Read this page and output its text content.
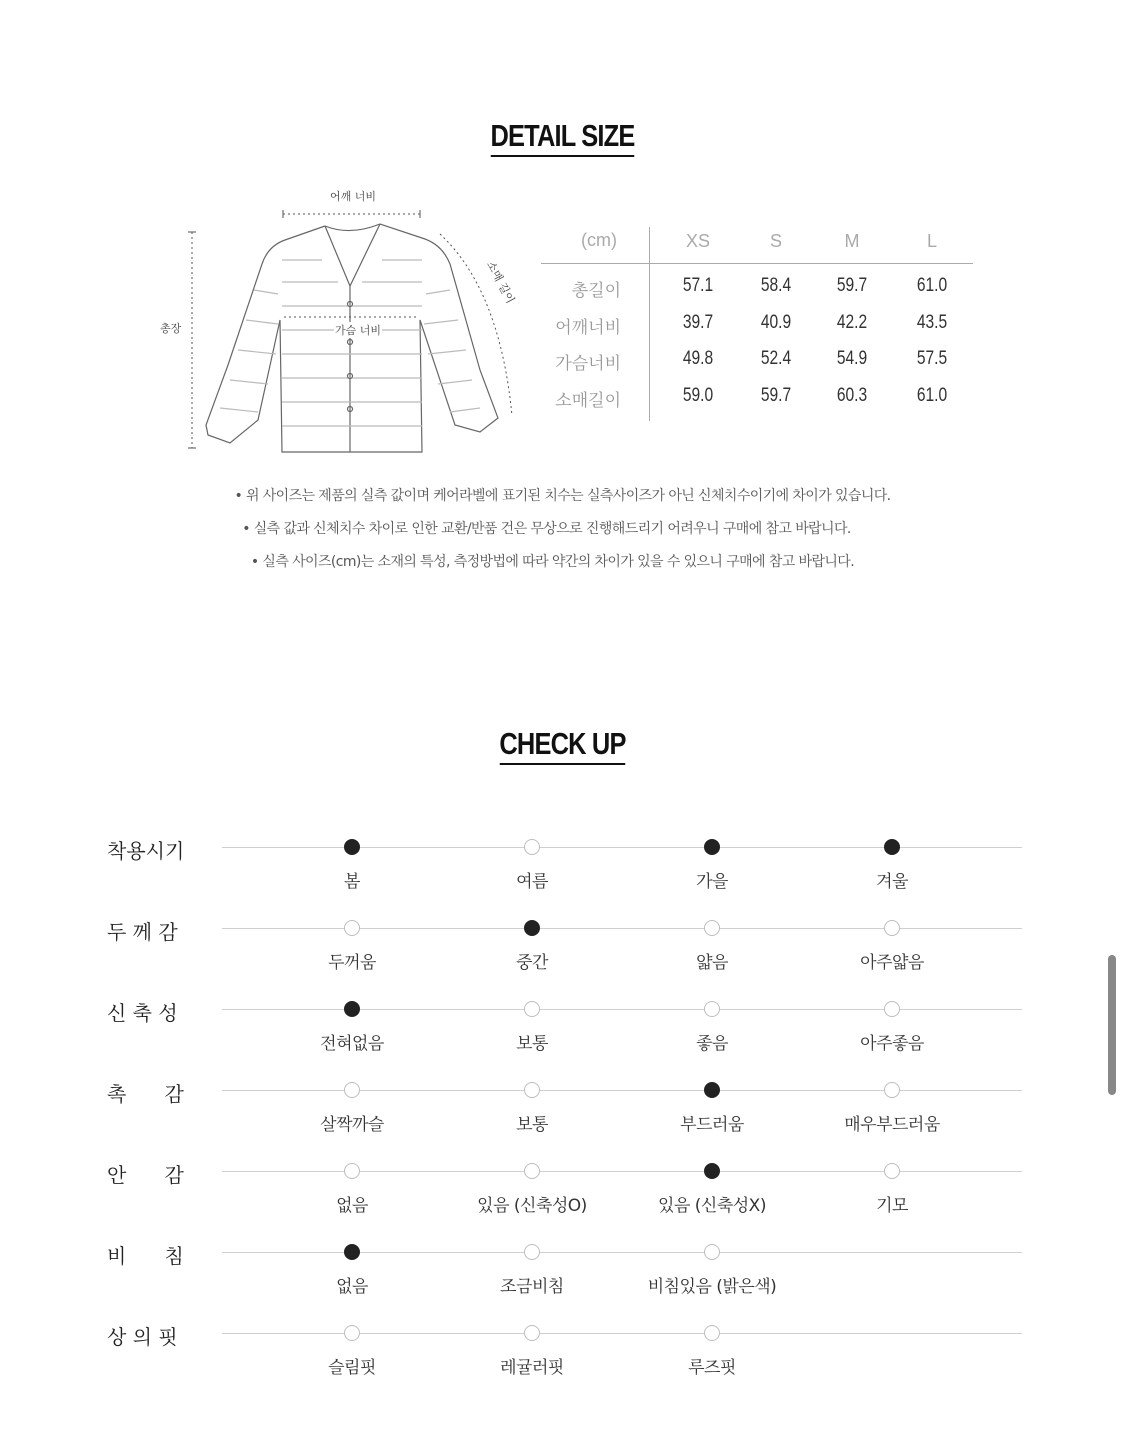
DETAIL SIZE
어깨 너비
총장	가슴 너비
소매 길이
(cm)	XS	S	M	L
총길이	57.1	58.4	59.7	61.0
어깨너비	39.7	40.9	42.2	43.5
가슴너비	49.8	52.4	54.9	57.5
소매길이	59.0	59.7	60.3	61.0
• 위 사이즈는 제품의 실측 값이며 케어라벨에 표기된 치수는 실측사이즈가 아닌 신체치수이기에 차이가 있습니다.
• 실측 값과 신체치수 차이로 인한 교환/반품 건은 무상으로 진행해드리기 어려우니 구매에 참고 바랍니다.
• 실측 사이즈(cm)는 소재의 특성, 측정방법에 따라 약간의 차이가 있을 수 있으니 구매에 참고 바랍니다.
CHECK UP
착용시기
봄	여름	가을	겨울
두 께 감
두꺼움	중간	얇음	아주얇음
신 축 성
전혀없음	보통	좋음	아주좋음
촉      감
살짝까슬	보통	부드러움	매우부드러움
안      감
없음	있음 (신축성O)	있음 (신축성X)	기모
비      침
없음	조금비침	비침있음 (밝은색)
상 의 핏
슬림핏	레귤러핏	루즈핏
